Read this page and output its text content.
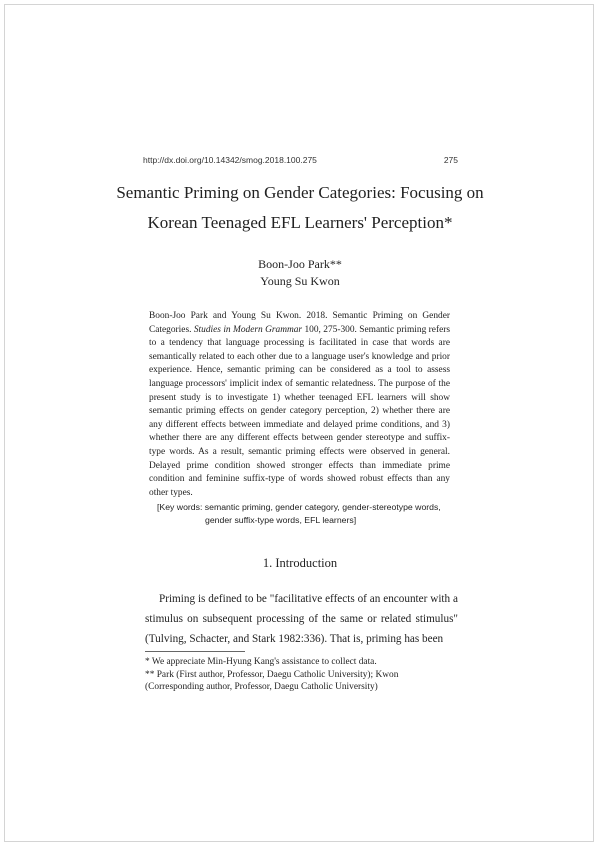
http://dx.doi.org/10.14342/smog.2018.100.275	275
Semantic Priming on Gender Categories: Focusing on
Korean Teenaged EFL Learners' Perception*
Boon-Joo Park**
Young Su Kwon
Boon-Joo Park and Young Su Kwon. 2018. Semantic Priming on Gender Categories. Studies in Modern Grammar 100, 275-300. Semantic priming refers to a tendency that language processing is facilitated in case that words are semantically related to each other due to a language user's knowledge and prior experience. Hence, semantic priming can be considered as a tool to assess language processors' implicit index of semantic relatedness. The purpose of the present study is to investigate 1) whether teenaged EFL learners will show semantic priming effects on gender category perception, 2) whether there are any different effects between immediate and delayed prime conditions, and 3) whether there are any different effects between gender stereotype and suffix-type words. As a result, semantic priming effects were observed in general. Delayed prime condition showed stronger effects than immediate prime condition and feminine suffix-type of words showed robust effects than any other types.
[Key words: semantic priming, gender category, gender-stereotype words,
gender suffix-type words, EFL learners]
1. Introduction

Priming is defined to be "facilitative effects of an encounter with a stimulus on subsequent processing of the same or related stimulus" (Tulving, Schacter, and Stark 1982:336). That is, priming has been

* We appreciate Min-Hyung Kang's assistance to collect data.

** Park (First author, Professor, Daegu Catholic University); Kwon (Corresponding author, Professor, Daegu Catholic University)
